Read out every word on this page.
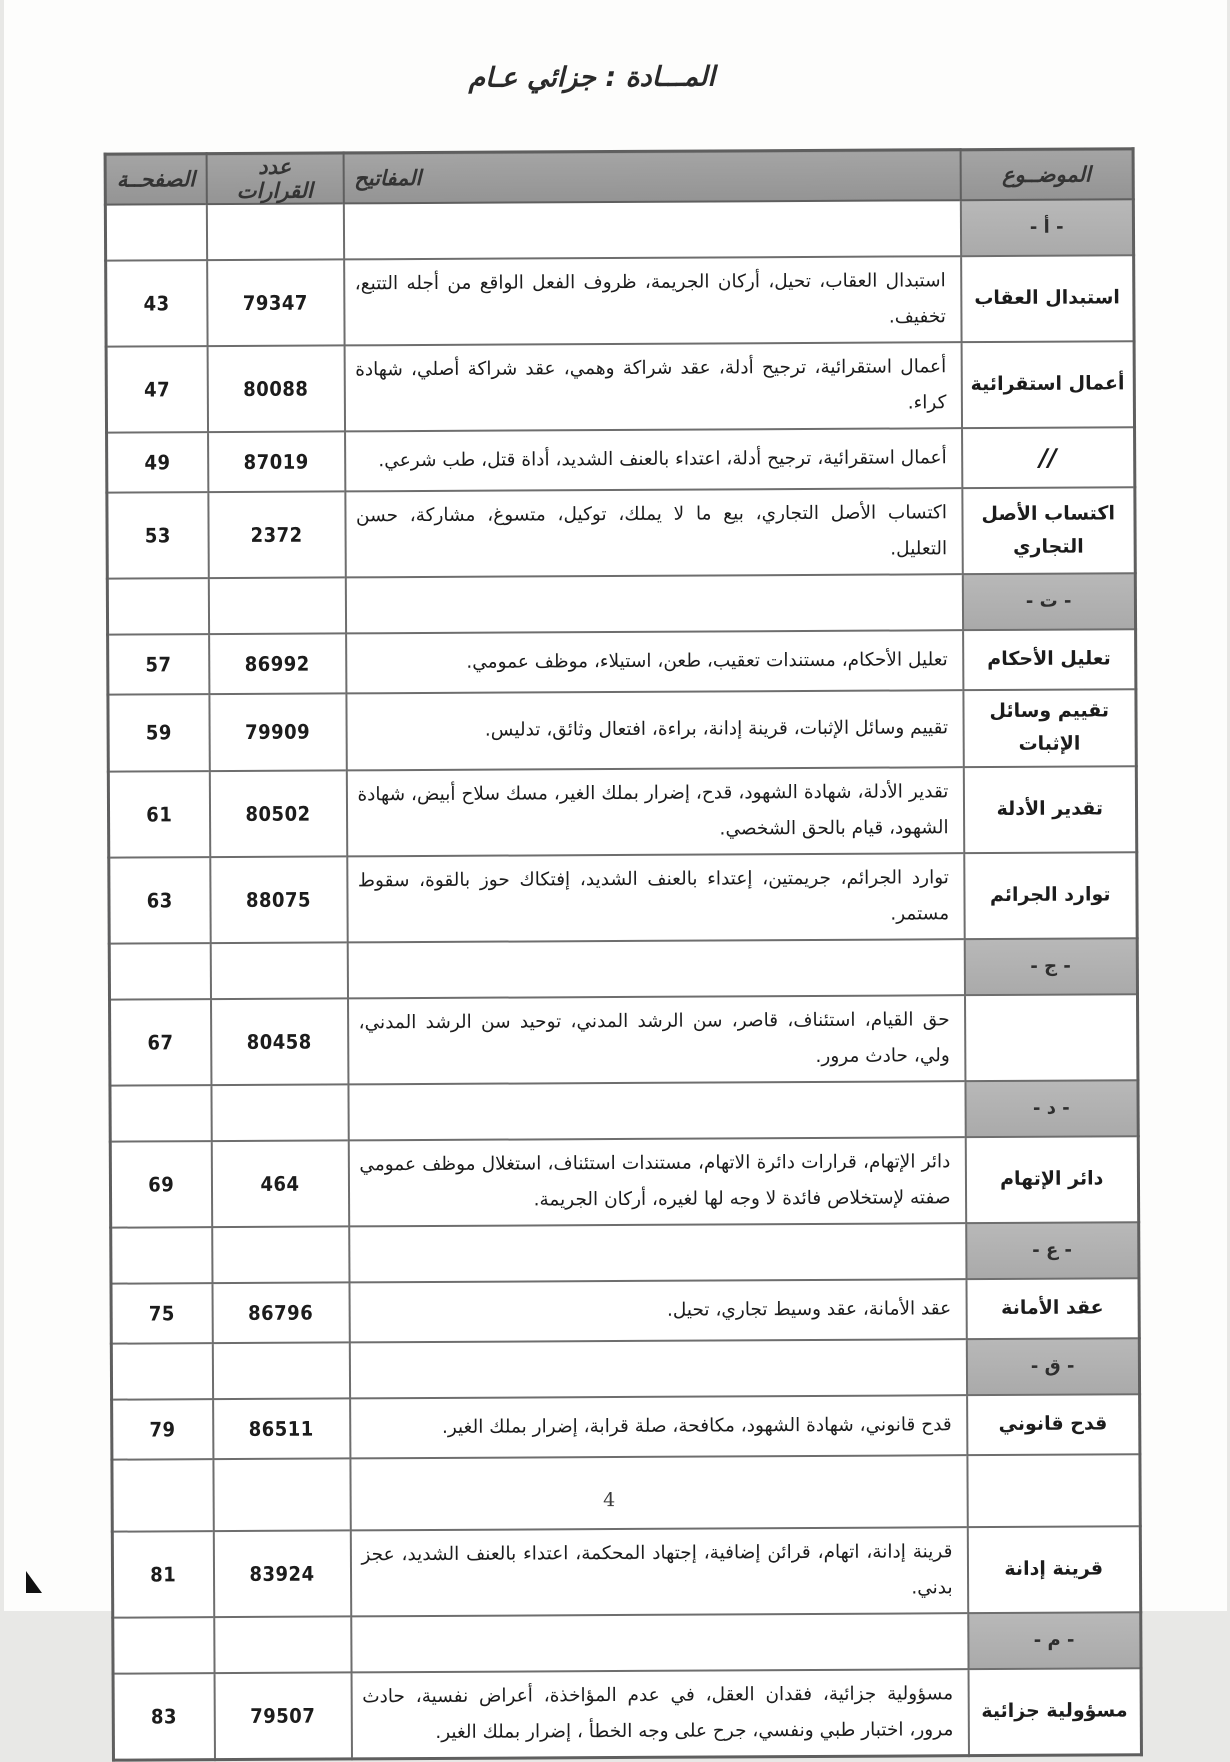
المـــادة : جزائي عـام
الموضــوع	المفاتيح	عدد القرارات	الصفحــة
- أ -			
استبدال العقاب	استبدال العقاب، تحيل، أركان الجريمة، ظروف الفعل الواقع من أجله التتبع، تخفيف.	79347	43
أعمال استقرائية	أعمال استقرائية، ترجيح أدلة، عقد شراكة وهمي، عقد شراكة أصلي، شهادة كراء.	80088	47
//	أعمال استقرائية، ترجيح أدلة، اعتداء بالعنف الشديد، أداة قتل، طب شرعي.	87019	49
اكتساب الأصل التجاري	اكتساب الأصل التجاري، بيع ما لا يملك، توكيل، متسوغ، مشاركة، حسن التعليل.	2372	53
- ت -			
تعليل الأحكام	تعليل الأحكام، مستندات تعقيب، طعن، استيلاء، موظف عمومي.	86992	57
تقييم وسائل الإثبات	تقييم وسائل الإثبات، قرينة إدانة، براءة، افتعال وثائق، تدليس.	79909	59
تقدير الأدلة	تقدير الأدلة، شهادة الشهود، قدح، إضرار بملك الغير، مسك سلاح أبيض، شهادة الشهود، قيام بالحق الشخصي.	80502	61
توارد الجرائم	توارد الجرائم، جريمتين، إعتداء بالعنف الشديد، إفتكاك حوز بالقوة، سقوط مستمر.	88075	63
- ج -			
	حق القيام، استئناف، قاصر، سن الرشد المدني، توحيد سن الرشد المدني، ولي، حادث مرور.	80458	67
- د -			
دائر الإتهام	دائر الإتهام، قرارات دائرة الاتهام، مستندات استئناف، استغلال موظف عمومي صفته لإستخلاص فائدة لا وجه لها لغيره، أركان الجريمة.	464	69
- ع -			
عقد الأمانة	عقد الأمانة، عقد وسيط تجاري، تحيل.	86796	75
- ق -			
قدح قانوني	قدح قانوني، شهادة الشهود، مكافحة، صلة قرابة، إضرار بملك الغير.	86511	79

قرينة إدانة	قرينة إدانة، اتهام، قرائن إضافية، إجتهاد المحكمة، اعتداء بالعنف الشديد، عجز بدني.	83924	81
- م -			
مسؤولية جزائية	مسؤولية جزائية، فقدان العقل، في عدم المؤاخذة، أعراض نفسية، حادث مرور، اختبار طبي ونفسي، جرح على وجه الخطأ ، إضرار بملك الغير.	79507	83
4
